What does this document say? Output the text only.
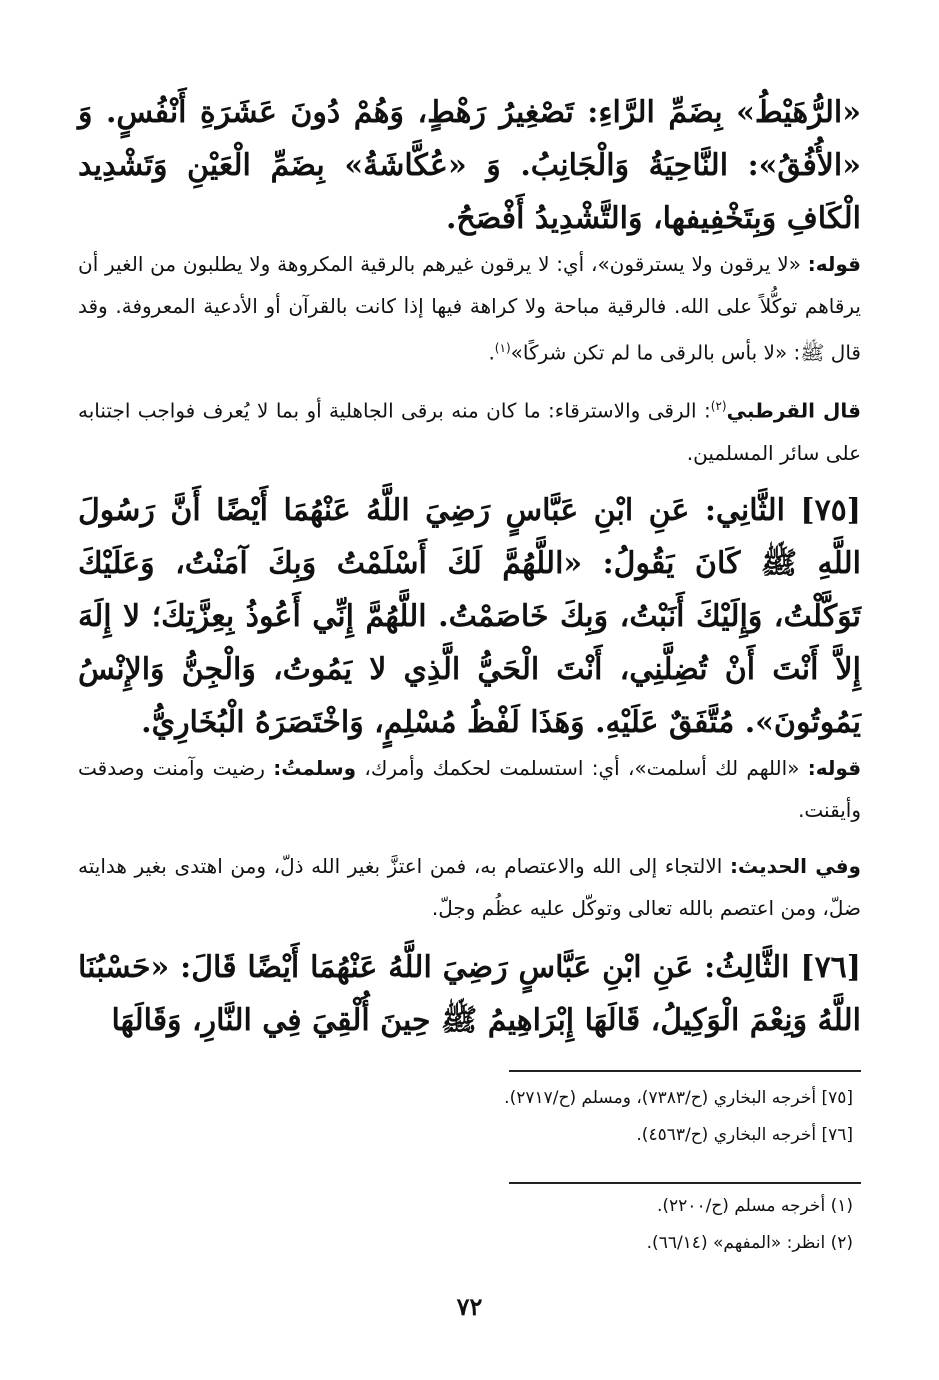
«الرُّهَيْطُ» بِضَمِّ الرَّاءِ: تَصْغِيرُ رَهْطٍ، وَهُمْ دُونَ عَشَرَةِ أَنْفُسٍ. وَ «الأُفُقُ»: النَّاحِيَةُ وَالْجَانِبُ. وَ «عُكَّاشَةُ» بِضَمِّ الْعَيْنِ وَتَشْدِيد الْكَافِ وَبِتَخْفِيفها، وَالتَّشْدِيدُ أَفْصَحُ.
قوله: «لا يرقون ولا يسترقون»، أي: لا يرقون غيرهم بالرقية المكروهة ولا يطلبون من الغير أن يرقاهم توكُّلاً على الله. فالرقية مباحة ولا كراهة فيها إذا كانت بالقرآن أو الأدعية المعروفة. وقد قال ﷺ: «لا بأس بالرقى ما لم تكن شركًا»$^{(١)}$.
قال القرطبي$^{(٢)}$: الرقى والاسترقاء: ما كان منه برقى الجاهلية أو بما لا يُعرف فواجب اجتنابه على سائر المسلمين.
[٧٥] الثَّانِي: عَنِ ابْنِ عَبَّاسٍ رَضِيَ اللَّهُ عَنْهُمَا أَيْضًا أَنَّ رَسُولَ اللَّهِ ﷺ كَانَ يَقُولُ: «اللَّهُمَّ لَكَ أَسْلَمْتُ وَبِكَ آمَنْتُ، وَعَلَيْكَ تَوَكَّلْتُ، وَإِلَيْكَ أَنَبْتُ، وَبِكَ خَاصَمْتُ. اللَّهُمَّ إِنِّي أَعُوذُ بِعِزَّتِكَ؛ لا إِلَهَ إِلاَّ أَنْتَ أَنْ تُضِلَّنِي، أَنْتَ الْحَيُّ الَّذِي لا يَمُوتُ، وَالْجِنُّ وَالإِنْسُ يَمُوتُونَ». مُتَّفَقٌ عَلَيْهِ. وَهَذَا لَفْظُ مُسْلِمٍ، وَاخْتَصَرَهُ الْبُخَارِيُّ.
قوله: «اللهم لك أسلمت»، أي: استسلمت لحكمك وأمرك، وسلمتُ: رضيت وآمنت وصدقت وأيقنت.
وفي الحديث: الالتجاء إلى الله والاعتصام به، فمن اعتزَّ بغير الله ذلّ، ومن اهتدى بغير هدايته ضلّ، ومن اعتصم بالله تعالى وتوكّل عليه عظُم وجلّ.
[٧٦] الثَّالِثُ: عَنِ ابْنِ عَبَّاسٍ رَضِيَ اللَّهُ عَنْهُمَا أَيْضًا قَالَ: «حَسْبُنَا اللَّهُ وَنِعْمَ الْوَكِيلُ، قَالَهَا إِبْرَاهِيمُ ﷺ حِينَ أُلْقِيَ فِي النَّارِ، وَقَالَهَا
[٧٥] أخرجه البخاري (ح/٧٣٨٣)، ومسلم (ح/٢٧١٧).
[٧٦] أخرجه البخاري (ح/٤٥٦٣).
(١) أخرجه مسلم (ح/٢٢٠٠).
(٢) انظر: «المفهم» (٦٦/١٤).
٧٢
